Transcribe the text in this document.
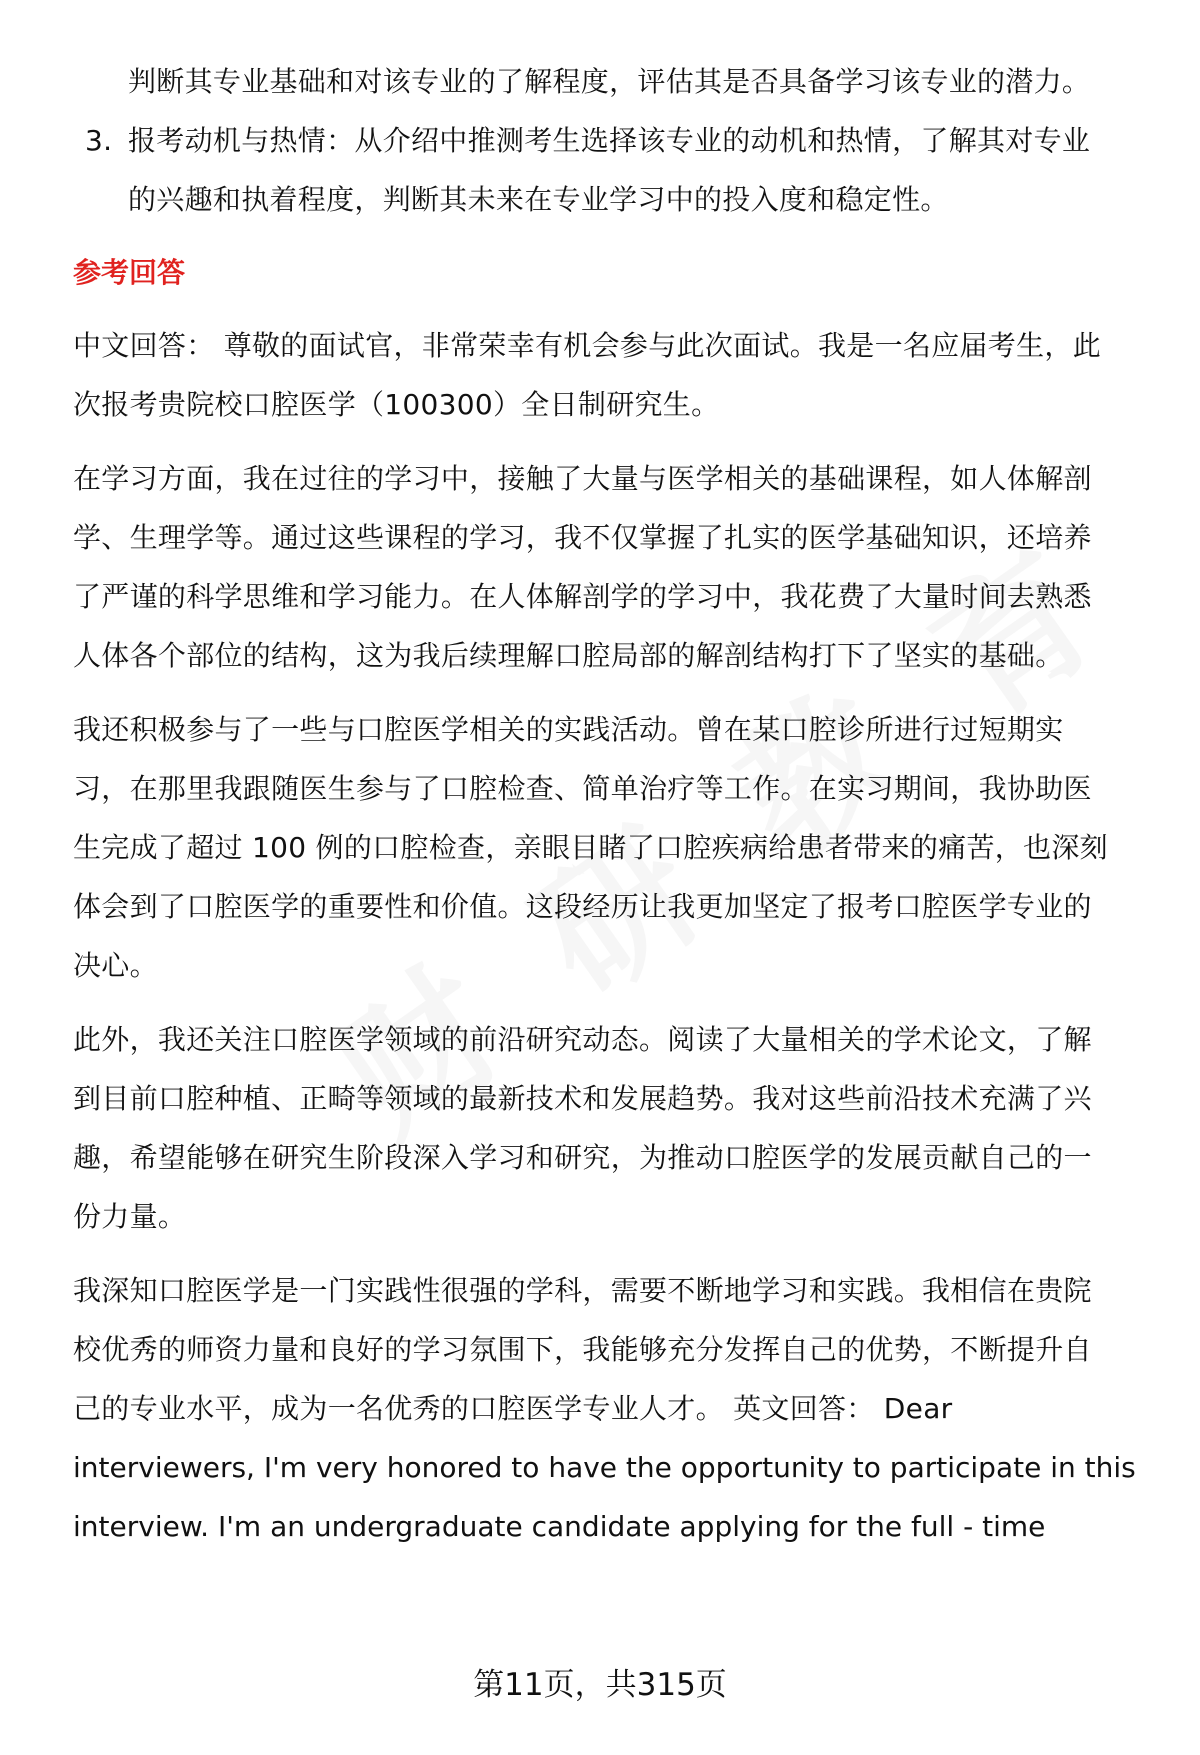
判断其专业基础和对该专业的了解程度，评估其是否具备学习该专业的潜力。
3. 报考动机与热情：从介绍中推测考生选择该专业的动机和热情，了解其对专业
的兴趣和执着程度，判断其未来在专业学习中的投入度和稳定性。
参考回答
中文回答： 尊敬的面试官，非常荣幸有机会参与此次面试。我是一名应届考生，此
次报考贵院校口腔医学（100300）全日制研究生。
在学习方面，我在过往的学习中，接触了大量与医学相关的基础课程，如人体解剖
学、生理学等。通过这些课程的学习，我不仅掌握了扎实的医学基础知识，还培养
了严谨的科学思维和学习能力。在人体解剖学的学习中，我花费了大量时间去熟悉
人体各个部位的结构，这为我后续理解口腔局部的解剖结构打下了坚实的基础。
我还积极参与了一些与口腔医学相关的实践活动。曾在某口腔诊所进行过短期实
习，在那里我跟随医生参与了口腔检查、简单治疗等工作。在实习期间，我协助医
生完成了超过 100 例的口腔检查，亲眼目睹了口腔疾病给患者带来的痛苦，也深刻
体会到了口腔医学的重要性和价值。这段经历让我更加坚定了报考口腔医学专业的
决心。
此外，我还关注口腔医学领域的前沿研究动态。阅读了大量相关的学术论文，了解
到目前口腔种植、正畸等领域的最新技术和发展趋势。我对这些前沿技术充满了兴
趣，希望能够在研究生阶段深入学习和研究，为推动口腔医学的发展贡献自己的一
份力量。
我深知口腔医学是一门实践性很强的学科，需要不断地学习和实践。我相信在贵院
校优秀的师资力量和良好的学习氛围下，我能够充分发挥自己的优势，不断提升自
己的专业水平，成为一名优秀的口腔医学专业人才。 英文回答： Dear
interviewers, I'm very honored to have the opportunity to participate in this
interview. I'm an undergraduate candidate applying for the full - time
第11页，共315页
